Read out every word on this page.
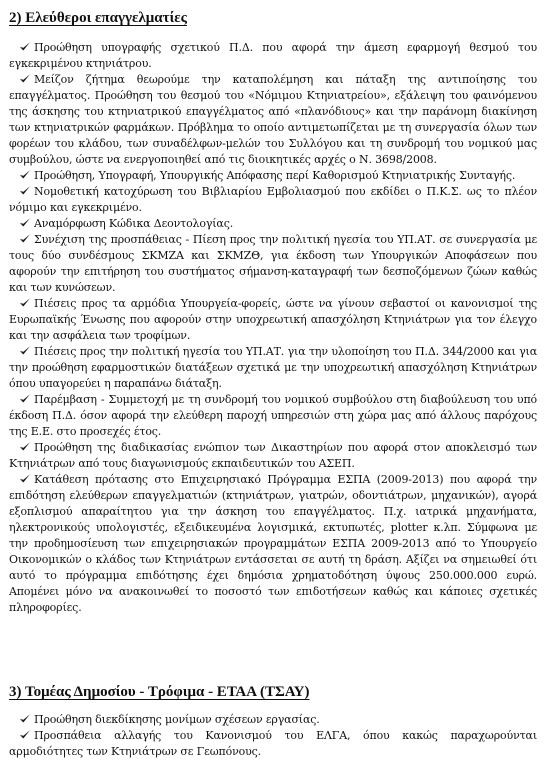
2) Ελεύθεροι επαγγελματίες

Προώθηση υπογραφής σχετικού Π.Δ. που αφορά την άμεση εφαρμογή θεσμού του εγκεκριμένου κτηνιάτρου.

Μείζον ζήτημα θεωρούμε την καταπολέμηση και πάταξη της αντιποίησης του επαγγέλματος. Προώθηση του θεσμού του «Νόμιμου Κτηνιατρείου», εξάλειψη του φαινόμενου της άσκησης του κτηνιατρικού επαγγέλματος από «πλανόδιους» και την παράνομη διακίνηση των κτηνιατρικών φαρμάκων. Πρόβλημα το οποίο αντιμετωπίζεται με τη συνεργασία όλων των φορέων του κλάδου, των συναδέλφων-μελών του Συλλόγου και τη συνδρομή του νομικού μας συμβούλου, ώστε να ενεργοποιηθεί από τις διοικητικές αρχές ο Ν. 3698/2008.

Προώθηση, Υπογραφή, Υπουργικής Απόφασης περί Καθορισμού Κτηνιατρικής Συνταγής.

Νομοθετική κατοχύρωση του Βιβλιαρίου Εμβολιασμού που εκδίδει ο Π.Κ.Σ. ως το πλέον νόμιμο και εγκεκριμένο.

Αναμόρφωση Κώδικα Δεοντολογίας.

Συνέχιση της προσπάθειας - Πίεση προς την πολιτική ηγεσία του ΥΠ.ΑΤ. σε συνεργασία με τους δύο συνδέσμους ΣΚΜΖΑ και ΣΚΜΖΘ, για έκδοση των Υπουργικών Αποφάσεων που αφορούν την επιτήρηση του συστήματος σήμανση-καταγραφή των δεσποζόμενων ζώων καθώς και των κυνώσεων.

Πιέσεις προς τα αρμόδια Υπουργεία-φορείς, ώστε να γίνουν σεβαστοί οι κανονισμοί της Ευρωπαϊκής Ένωσης που αφορούν στην υποχρεωτική απασχόληση Κτηνιάτρων για τον έλεγχο και την ασφάλεια των τροφίμων.

Πιέσεις προς την πολιτική ηγεσία του ΥΠ.ΑΤ. για την υλοποίηση του Π.Δ. 344/2000 και για την προώθηση εφαρμοστικών διατάξεων σχετικά με την υποχρεωτική απασχόληση Κτηνιάτρων όπου υπαγορεύει η παραπάνω διάταξη.

Παρέμβαση - Συμμετοχή με τη συνδρομή του νομικού συμβούλου στη διαβούλευση του υπό έκδοση Π.Δ. όσον αφορά την ελεύθερη παροχή υπηρεσιών στη χώρα μας από άλλους παρόχους της Ε.Ε. στο προσεχές έτος.

Προώθηση της διαδικασίας ενώπιον των Δικαστηρίων που αφορά στον αποκλεισμό των Κτηνιάτρων από τους διαγωνισμούς εκπαιδευτικών του ΑΣΕΠ.

Κατάθεση πρότασης στο Επιχειρησιακό Πρόγραμμα ΕΣΠΑ (2009-2013) που αφορά την επιδότηση ελεύθερων επαγγελματιών (κτηνιάτρων, γιατρών, οδοντιάτρων, μηχανικών), αγορά εξοπλισμού απαραίτητου για την άσκηση του επαγγέλματος. Π.χ. ιατρικά μηχανήματα, ηλεκτρονικούς υπολογιστές, εξειδικευμένα λογισμικά, εκτυπωτές, plotter κ.λπ. Σύμφωνα με την προδημοσίευση των επιχειρησιακών προγραμμάτων ΕΣΠΑ 2009-2013 από το Υπουργείο Οικονομικών ο κλάδος των Κτηνιάτρων εντάσσεται σε αυτή τη δράση. Αξίζει να σημειωθεί ότι αυτό το πρόγραμμα επιδότησης έχει δημόσια χρηματοδότηση ύψους 250.000.000 ευρώ. Απομένει μόνο να ανακοινωθεί το ποσοστό των επιδοτήσεων καθώς και κάποιες σχετικές πληροφορίες.

3) Τομέας Δημοσίου - Τρόφιμα - ΕΤΑΑ (ΤΣΑΥ)

Προώθηση διεκδίκησης μονίμων σχέσεων εργασίας.

Προσπάθεια αλλαγής του Κανονισμού του ΕΛΓΑ, όπου κακώς παραχωρούνται αρμοδιότητες των Κτηνιάτρων σε Γεωπόνους.
